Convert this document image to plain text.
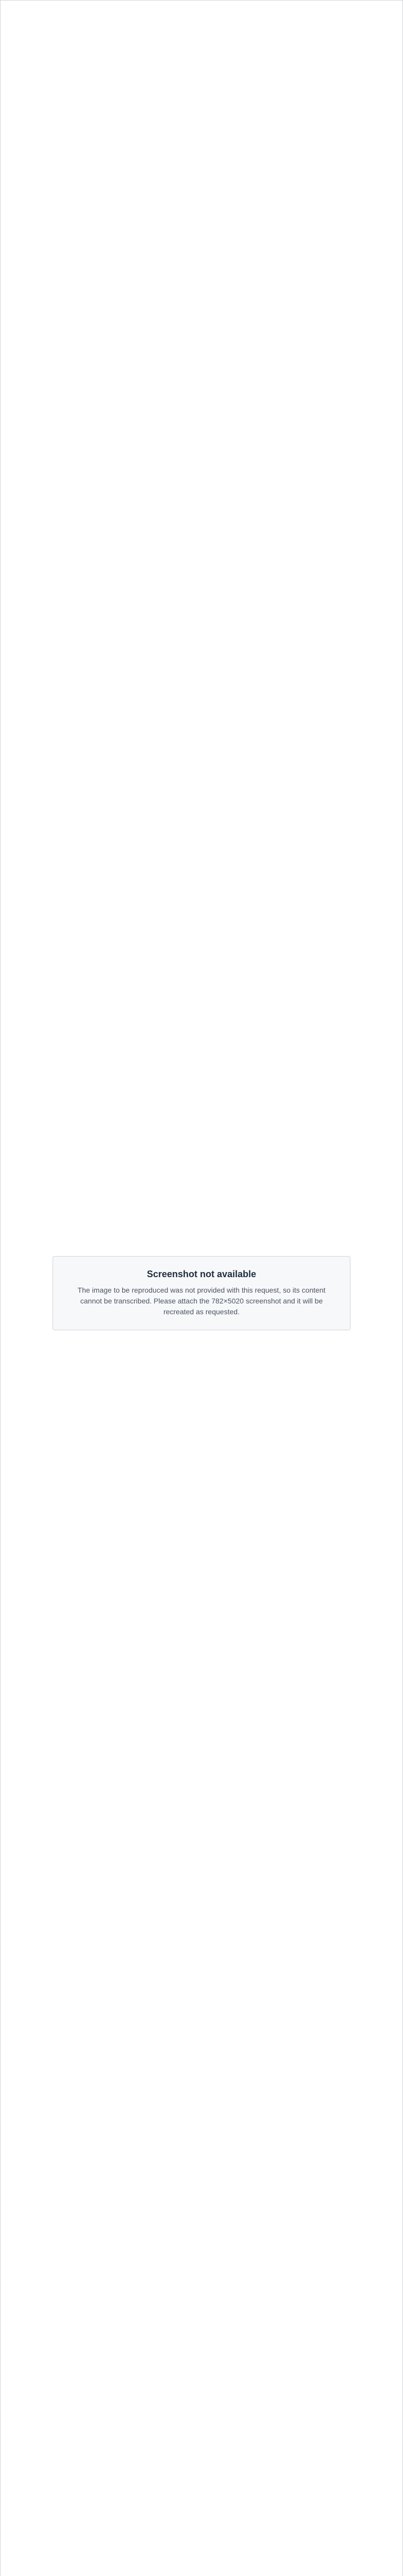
Screenshot not available

The image to be reproduced was not provided with this request, so its content cannot be transcribed. Please attach the 782×5020 screenshot and it will be recreated as requested.
